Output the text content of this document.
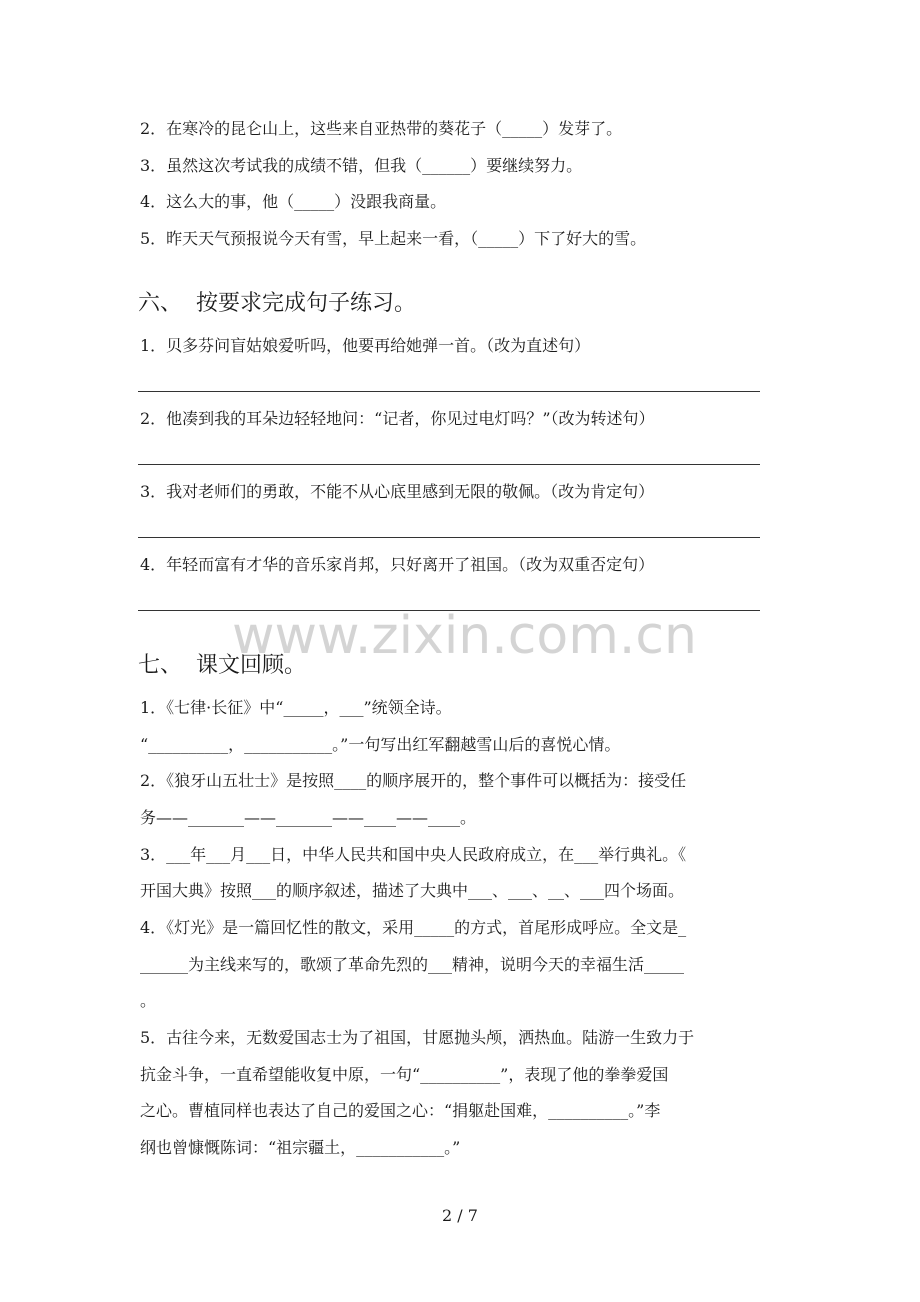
2．在寒冷的昆仑山上，这些来自亚热带的葵花子（_____）发芽了。
3．虽然这次考试我的成绩不错，但我（______）要继续努力。
4．这么大的事，他（_____）没跟我商量。
5．昨天天气预报说今天有雪，早上起来一看，（_____）下了好大的雪。
六、  按要求完成句子练习。
1．贝多芬问盲姑娘爱听吗，他要再给她弹一首。（改为直述句）
2．他凑到我的耳朵边轻轻地问：“记者，你见过电灯吗？”（改为转述句）
3．我对老师们的勇敢，不能不从心底里感到无限的敬佩。（改为肯定句）
4．年轻而富有才华的音乐家肖邦，只好离开了祖国。（改为双重否定句）
www.zixin.com.cn
七、  课文回顾。
1．《七律·长征》中“_____，___”统领全诗。
“__________，___________。”一句写出红军翻越雪山后的喜悦心情。
2．《狼牙山五壮士》是按照____的顺序展开的，整个事件可以概括为：接受任
务——_______——_______——____——____。
3．___年___月___日，中华人民共和国中央人民政府成立，在___举行典礼。《
开国大典》按照___的顺序叙述，描述了大典中___、___、__、___四个场面。
4．《灯光》是一篇回忆性的散文，采用_____的方式，首尾形成呼应。全文是_
______为主线来写的，歌颂了革命先烈的___精神，说明今天的幸福生活_____
。
5．古往今来，无数爱国志士为了祖国，甘愿抛头颅，洒热血。陆游一生致力于
抗金斗争，一直希望能收复中原，一句“__________”，表现了他的拳拳爱国
之心。曹植同样也表达了自己的爱国之心：“捐躯赴国难，__________。”李
纲也曾慷慨陈词：“祖宗疆土，___________。”
2 / 7
